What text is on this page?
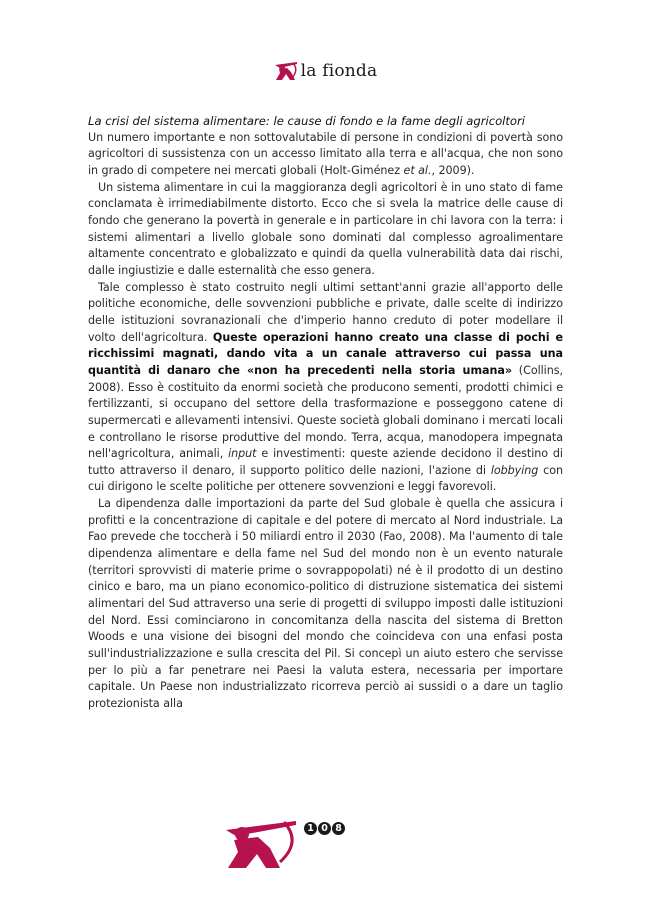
la fionda
La crisi del sistema alimentare: le cause di fondo e la fame degli agricoltori

Un numero importante e non sottovalutabile di persone in condizioni di povertà sono agricoltori di sussistenza con un accesso limitato alla terra e all'acqua, che non sono in grado di competere nei mercati globali (Holt-Giménez et al., 2009).

Un sistema alimentare in cui la maggioranza degli agricoltori è in uno stato di fame conclamata è irrimediabilmente distorto. Ecco che si svela la matrice delle cause di fondo che generano la povertà in generale e in particolare in chi lavora con la terra: i sistemi alimentari a livello globale sono dominati dal complesso agroalimentare altamente concentrato e globalizzato e quindi da quella vulnerabilità data dai rischi, dalle ingiustizie e dalle esternalità che esso genera.

Tale complesso è stato costruito negli ultimi settant'anni grazie all'apporto delle politiche economiche, delle sovvenzioni pubbliche e private, dalle scelte di indirizzo delle istituzioni sovranazionali che d'imperio hanno creduto di poter modellare il volto dell'agricoltura. Queste operazioni hanno creato una classe di pochi e ricchissimi magnati, dando vita a un canale attraverso cui passa una quantità di danaro che «non ha precedenti nella storia umana» (Collins, 2008). Esso è costituito da enormi società che producono sementi, prodotti chimici e fertilizzanti, si occupano del settore della trasformazione e posseggono catene di supermercati e allevamenti intensivi. Queste società globali dominano i mercati locali e controllano le risorse produttive del mondo. Terra, acqua, manodopera impegnata nell'agricoltura, animali, input e investimenti: queste aziende decidono il destino di tutto attraverso il denaro, il supporto politico delle nazioni, l'azione di lobbying con cui dirigono le scelte politiche per ottenere sovvenzioni e leggi favorevoli.

La dipendenza dalle importazioni da parte del Sud globale è quella che assicura i profitti e la concentrazione di capitale e del potere di mercato al Nord industriale. La Fao prevede che toccherà i 50 miliardi entro il 2030 (Fao, 2008). Ma l'aumento di tale dipendenza alimentare e della fame nel Sud del mondo non è un evento naturale (territori sprovvisti di materie prime o sovrappopolati) né è il prodotto di un destino cinico e baro, ma un piano economico-politico di distruzione sistematica dei sistemi alimentari del Sud attraverso una serie di progetti di sviluppo imposti dalle istituzioni del Nord. Essi cominciarono in concomitanza della nascita del sistema di Bretton Woods e una visione dei bisogni del mondo che coincideva con una enfasi posta sull'industrializzazione e sulla crescita del Pil. Si concepì un aiuto estero che servisse per lo più a far penetrare nei Paesi la valuta estera, necessaria per importare capitale. Un Paese non industrializzato ricorreva perciò ai sussidi o a dare un taglio protezionista alla

1 0 8
